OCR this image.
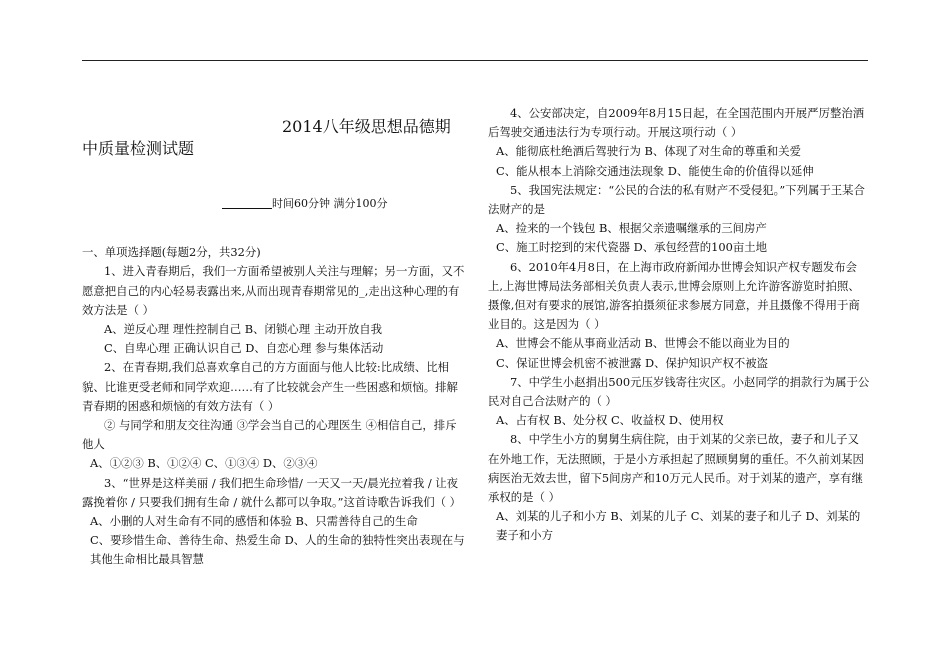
2014八年级思想品德期

中质量检测试题

时间60分钟 满分100分

一、单项选择题(每题2分，共32分)

1、进入青春期后，我们一方面希望被别人关注与理解；另一方面，又不愿意把自己的内心轻易表露出来,从而出现青春期常见的_,走出这种心理的有效方法是（ ）

A、逆反心理 理性控制自己 B、闭锁心理 主动开放自我

C、自卑心理 正确认识自己 D、自恋心理 参与集体活动

2、在青春期,我们总喜欢拿自己的方方面面与他人比较:比成绩、比相貌、比谁更受老师和同学欢迎……有了比较就会产生一些困惑和烦恼。排解青春期的困惑和烦恼的有效方法有（ ）

② 与同学和朋友交往沟通 ③学会当自己的心理医生 ④相信自己，排斥他人

A、①②③ B、①②④ C、①③④ D、②③④

3、“世界是这样美丽 / 我们把生命珍惜/ 一天又一天/晨光拉着我 / 让夜露挽着你 / 只要我们拥有生命 / 就什么都可以争取。”这首诗歌告诉我们（ ）

A、小删的人对生命有不同的感悟和体验 B、只需善待自己的生命

C、要珍惜生命、善待生命、热爱生命 D、人的生命的独特性突出表现在与其他生命相比最具智慧

4、公安部决定，自2009年8月15日起，在全国范围内开展严厉整治酒后驾驶交通违法行为专项行动。开展这项行动（ ）

A、能彻底杜绝酒后驾驶行为 B、体现了对生命的尊重和关爱

C、能从根本上消除交通违法现象 D、能使生命的价值得以延伸

5、我国宪法规定：“公民的合法的私有财产不受侵犯。”下列属于王某合法财产的是

A、捡来的一个钱包 B、根据父亲遗嘱继承的三间房产

C、施工时挖到的宋代瓷器 D、承包经营的100亩土地

6、2010年4月8日，在上海市政府新闻办世博会知识产权专题发布会上,上海世博局法务部相关负责人表示,世博会原则上允许游客游览时拍照、摄像,但对有要求的展馆,游客拍摄须征求参展方同意，并且摄像不得用于商业目的。这是因为（ ）

A、世博会不能从事商业活动 B、世博会不能以商业为目的

C、保证世博会机密不被泄露 D、保护知识产权不被盗

7、中学生小赵捐出500元压岁钱寄往灾区。小赵同学的捐款行为属于公民对自己合法财产的（ ）

A、占有权 B、处分权 C、收益权 D、使用权

8、中学生小方的舅舅生病住院，由于刘某的父亲已故，妻子和儿子又在外地工作，无法照顾，于是小方承担起了照顾舅舅的重任。不久前刘某因病医治无效去世，留下5间房产和10万元人民币。对于刘某的遗产，享有继承权的是（ ）

A、刘某的儿子和小方 B、刘某的儿子 C、刘某的妻子和儿子 D、刘某的妻子和小方
